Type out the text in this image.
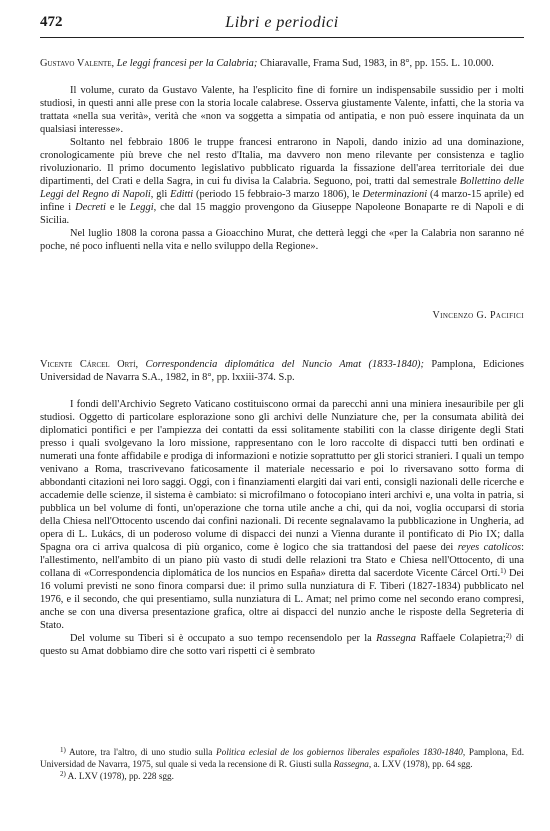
472	Libri e periodici

Gustavo Valente, Le leggi francesi per la Calabria; Chiaravalle, Frama Sud, 1983, in 8°, pp. 155. L. 10.000.

Il volume, curato da Gustavo Valente, ha l'esplicito fine di fornire un indispensabile sussidio per i molti studiosi, in questi anni alle prese con la storia locale calabrese. Osserva giustamente Valente, infatti, che la storia va trattata «nella sua verità», verità che «non va soggetta a simpatia od antipatia, e non può essere inquinata da un qualsiasi interesse».

Soltanto nel febbraio 1806 le truppe francesi entrarono in Napoli, dando inizio ad una dominazione, cronologicamente più breve che nel resto d'Italia, ma davvero non meno rilevante per consistenza e taglio rivoluzionario. Il primo documento legislativo pubblicato riguarda la fissazione dell'area territoriale dei due dipartimenti, del Crati e della Sagra, in cui fu divisa la Calabria. Seguono, poi, tratti dal semestrale Bollettino delle Leggi del Regno di Napoli, gli Editti (periodo 15 febbraio-3 marzo 1806), le Determinazioni (4 marzo-15 aprile) ed infine i Decreti e le Leggi, che dal 15 maggio provengono da Giuseppe Napoleone Bonaparte re di Napoli e di Sicilia.

Nel luglio 1808 la corona passa a Gioacchino Murat, che detterà leggi che «per la Calabria non saranno né poche, né poco influenti nella vita e nello sviluppo della Regione».

Vincenzo G. Pacifici

Vicente Cárcel Ortí, Correspondencia diplomática del Nuncio Amat (1833-1840); Pamplona, Ediciones Universidad de Navarra S.A., 1982, in 8°, pp. lxxiii-374. S.p.

I fondi dell'Archivio Segreto Vaticano costituiscono ormai da parecchi anni una miniera inesauribile per gli studiosi. Oggetto di particolare esplorazione sono gli archivi delle Nunziature che, per la consumata abilità dei diplomatici pontifici e per l'ampiezza dei contatti da essi solitamente stabiliti con la classe dirigente degli Stati presso i quali svolgevano la loro missione, rappresentano con le loro raccolte di dispacci tutti ben ordinati e numerati una fonte affidabile e prodiga di informazioni e notizie soprattutto per gli storici stranieri. I quali un tempo venivano a Roma, trascrivevano faticosamente il materiale necessario e poi lo riversavano sotto forma di abbondanti citazioni nei loro saggi. Oggi, con i finanziamenti elargiti dai vari enti, consigli nazionali delle ricerche e accademie delle scienze, il sistema è cambiato: si microfilmano o fotocopiano interi archivi e, una volta in patria, si pubblica un bel volume di fonti, un'operazione che torna utile anche a chi, qui da noi, voglia occuparsi di storia della Chiesa nell'Ottocento uscendo dai confini nazionali. Di recente segnalavamo la pubblicazione in Ungheria, ad opera di L. Lukács, di un poderoso volume di dispacci dei nunzi a Vienna durante il pontificato di Pio IX; dalla Spagna ora ci arriva qualcosa di più organico, come è logico che sia trattandosi del paese dei reyes catolicos: l'allestimento, nell'ambito di un piano più vasto di studi delle relazioni tra Stato e Chiesa nell'Ottocento, di una collana di «Correspondencia diplomática de los nuncios en España» diretta dal sacerdote Vicente Cárcel Ortí.$^{1)}$ Dei 16 volumi previsti ne sono finora comparsi due: il primo sulla nunziatura di F. Tiberi (1827-1834) pubblicato nel 1976, e il secondo, che qui presentiamo, sulla nunziatura di L. Amat; nel primo come nel secondo erano compresi, anche se con una diversa presentazione grafica, oltre ai dispacci del nunzio anche le risposte della Segreteria di Stato.

Del volume su Tiberi si è occupato a suo tempo recensendolo per la Rassegna Raffaele Colapietra;$^{2)}$ di questo su Amat dobbiamo dire che sotto vari rispetti ci è sembrato

$^{1)}$ Autore, tra l'altro, di uno studio sulla Politica eclesial de los gobiernos liberales españoles 1830-1840, Pamplona, Ed. Universidad de Navarra, 1975, sul quale si veda la recensione di R. Giusti sulla Rassegna, a. LXV (1978), pp. 64 sgg.

$^{2)}$ A. LXV (1978), pp. 228 sgg.
